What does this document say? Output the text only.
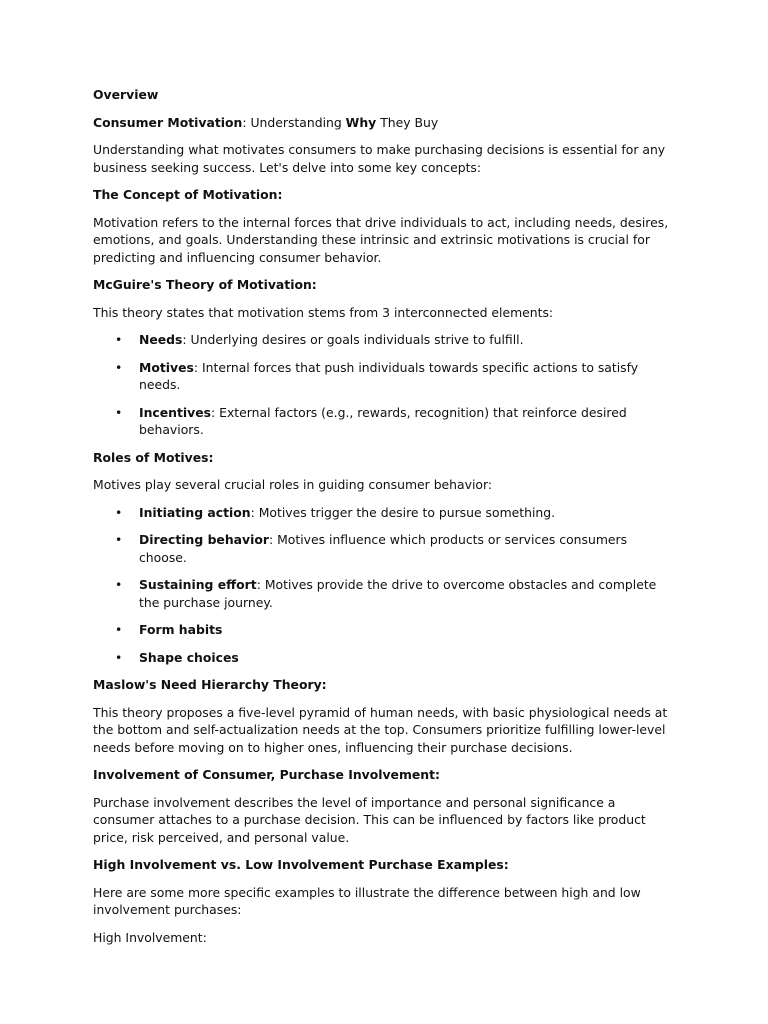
Overview

Consumer Motivation: Understanding Why They Buy

Understanding what motivates consumers to make purchasing decisions is essential for any business seeking success. Let's delve into some key concepts:

The Concept of Motivation:

Motivation refers to the internal forces that drive individuals to act, including needs, desires, emotions, and goals. Understanding these intrinsic and extrinsic motivations is crucial for predicting and influencing consumer behavior.

McGuire's Theory of Motivation:

This theory states that motivation stems from 3 interconnected elements:

• Needs: Underlying desires or goals individuals strive to fulfill.
• Motives: Internal forces that push individuals towards specific actions to satisfy needs.
• Incentives: External factors (e.g., rewards, recognition) that reinforce desired behaviors.

Roles of Motives:

Motives play several crucial roles in guiding consumer behavior:

• Initiating action: Motives trigger the desire to pursue something.
• Directing behavior: Motives influence which products or services consumers choose.
• Sustaining effort: Motives provide the drive to overcome obstacles and complete the purchase journey.
• Form habits
• Shape choices

Maslow's Need Hierarchy Theory:

This theory proposes a five-level pyramid of human needs, with basic physiological needs at the bottom and self-actualization needs at the top. Consumers prioritize fulfilling lower-level needs before moving on to higher ones, influencing their purchase decisions.

Involvement of Consumer, Purchase Involvement:

Purchase involvement describes the level of importance and personal significance a consumer attaches to a purchase decision. This can be influenced by factors like product price, risk perceived, and personal value.

High Involvement vs. Low Involvement Purchase Examples:

Here are some more specific examples to illustrate the difference between high and low involvement purchases:

High Involvement:
